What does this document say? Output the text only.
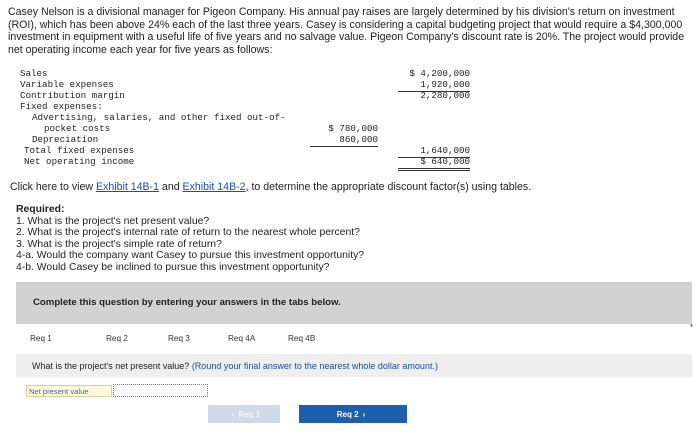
Casey Nelson is a divisional manager for Pigeon Company. His annual pay raises are largely determined by his division's return on investment (ROI), which has been above 24% each of the last three years. Casey is considering a capital budgeting project that would require a $4,300,000 investment in equipment with a useful life of five years and no salvage value. Pigeon Company's discount rate is 20%. The project would provide net operating income each year for five years as follows:

Sales	$ 4,200,000
Variable expenses	1,920,000
Contribution margin	2,280,000
Fixed expenses:
Advertising, salaries, and other fixed out-of-
pocket costs	$ 780,000
Depreciation	860,000
Total fixed expenses	1,640,000
Net operating income	$ 640,000
Click here to view Exhibit 14B-1 and Exhibit 14B-2, to determine the appropriate discount factor(s) using tables.
Required:
1. What is the project's net present value?
2. What is the project's internal rate of return to the nearest whole percent?
3. What is the project's simple rate of return?
4-a. Would the company want Casey to pursue this investment opportunity?
4-b. Would Casey be inclined to pursue this investment opportunity?
Complete this question by entering your answers in the tabs below.
•
Req 1	Req 2	Req 3	Req 4A	Req 4B
What is the project's net present value? (Round your final answer to the nearest whole dollar amount.)
Net present value
‹ Req 1	Req 2 ›
